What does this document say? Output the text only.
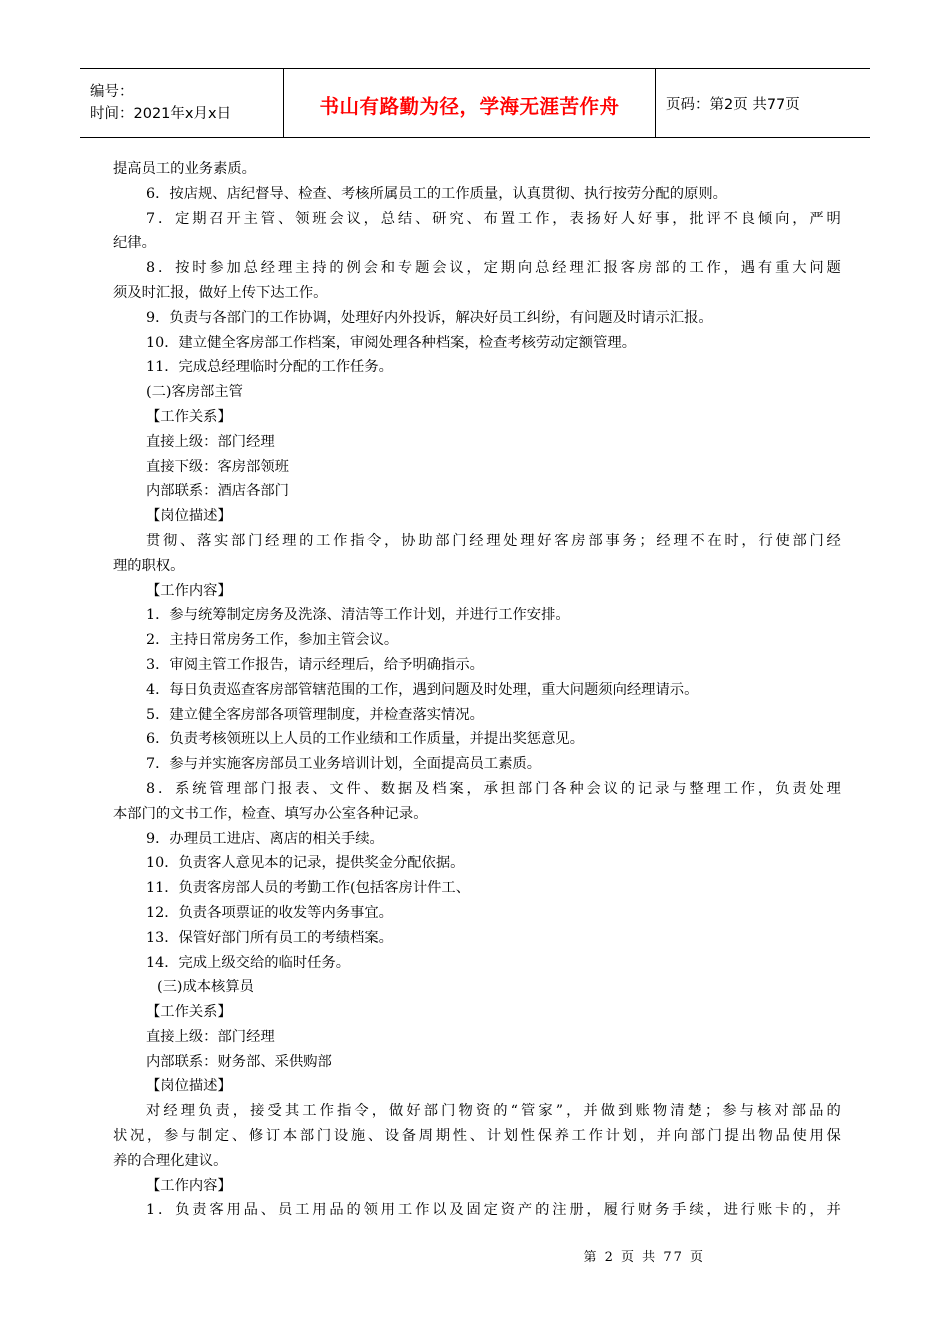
编号：
时间：2021年x月x日	书山有路勤为径，学海无涯苦作舟	页码：第2页 共77页

提高员工的业务素质。

6．按店规、店纪督导、检查、考核所属员工的工作质量，认真贯彻、执行按劳分配的原则。

7．定期召开主管、领班会议，总结、研究、布置工作，表扬好人好事，批评不良倾向，严明

纪律。

8．按时参加总经理主持的例会和专题会议，定期向总经理汇报客房部的工作，遇有重大问题

须及时汇报，做好上传下达工作。

9．负责与各部门的工作协调，处理好内外投诉，解决好员工纠纷，有问题及时请示汇报。

10．建立健全客房部工作档案，审阅处理各种档案，检查考核劳动定额管理。

11．完成总经理临时分配的工作任务。

(二)客房部主管

【工作关系】

直接上级：部门经理

直接下级：客房部领班

内部联系：酒店各部门

【岗位描述】

贯彻、落实部门经理的工作指令，协助部门经理处理好客房部事务；经理不在时，行使部门经

理的职权。

【工作内容】

1．参与统筹制定房务及洗涤、清洁等工作计划，并进行工作安排。

2．主持日常房务工作，参加主管会议。

3．审阅主管工作报告，请示经理后，给予明确指示。

4．每日负责巡查客房部管辖范围的工作，遇到问题及时处理，重大问题须向经理请示。

5．建立健全客房部各项管理制度，并检查落实情况。

6．负责考核领班以上人员的工作业绩和工作质量，并提出奖惩意见。

7．参与并实施客房部员工业务培训计划，全面提高员工素质。

8．系统管理部门报表、文件、数据及档案，承担部门各种会议的记录与整理工作，负责处理

本部门的文书工作，检查、填写办公室各种记录。

9．办理员工进店、离店的相关手续。

10．负责客人意见本的记录，提供奖金分配依据。

11．负责客房部人员的考勤工作(包括客房计件工、

12．负责各项票证的收发等内务事宜。

13．保管好部门所有员工的考绩档案。

14．完成上级交给的临时任务。

(三)成本核算员

【工作关系】

直接上级：部门经理

内部联系：财务部、采供购部

【岗位描述】

对经理负责，接受其工作指令，做好部门物资的“管家”，并做到账物清楚；参与核对部品的

状况，参与制定、修订本部门设施、设备周期性、计划性保养工作计划，并向部门提出物品使用保

养的合理化建议。

【工作内容】

1．负责客用品、员工用品的领用工作以及固定资产的注册，履行财务手续，进行账卡的，并

第 2 页 共 77 页
